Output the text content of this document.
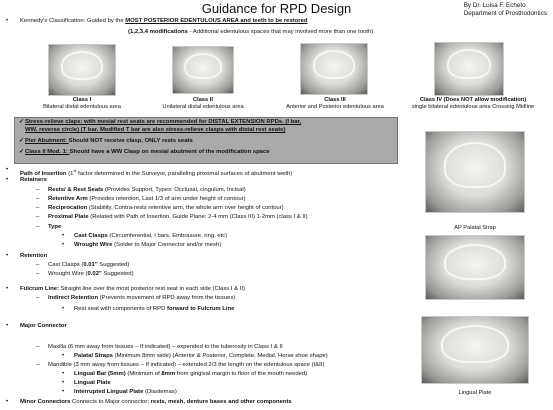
Guidance for RPD Design	By Dr. Luisa F. Echeto
Department of Prosthodontics
• Kennedy's Classification: Guided by the MOST POSTERIOR EDENTULOUS AREA and teeth to be restored
(1,2,3,4 modifications - Additional edentulous spaces that may involved more than one tooth)
Class I
Bilateral distal edentulous area
Class II
Unilateral distal edentulous area
Class III
Anterior and Posterior edentulous area
Class IV (Does NOT allow modification)
single bilateral edentulous area Crossing Midline
✓Stress-relieve claps: with mesial rest seats are recommended for DISTAL EXTENSION RPDs. (I bar,
WW, reverse circle) (T bar. Modified T bar are also stress-relieve clasps with distal rest seats)
✓Pier Abutment: Should NOT receive clasp, ONLY rests seats
✓Class II Mod. 1: Should have a WW Clasp on mesial abutment of the modification space
•
Path of Insertion (1st factor determined in the Surveyor, paralleling proximal surfaces of abutment teeth)
• Retainers
– Rests/ & Rest Seats (Provides Support, Types: Occlusal, cingulum, Incisal)
– Retentive Arm (Provides retention, Last 1/3 of arm under height of contour)
– Reciprocation (Stability, Contra-rests retentive arm, the whole arm over height of contour)
– Proximal Plate (Related with Path of Insertion. Guide Plane: 2-4 mm (Class III) 1-2mm (class I & II)
– Type
• Cast Clasps (Circumferential, I bars, Embrasure, ring, etc)
• Wrought Wire (Solder to Major Connector and/or mesh)
• Retention
– Cast Clasps (0.01" Suggested)
– Wrought Wire (0.02" Suggested)
• Fulcrum Line: Straight line over the most posterior rest seat in each side (Class I & II)
– Indirect Retention (Prevents movement of RPD away from the tissues)
• Rest seat with components of RPD forward to Fulcrum Line
• Major Connector
– Maxilla (6 mm away from tissues – If indicated) – expended to the tuberosity in Class I & II
• Palatal Straps (Minimum 8mm wide) (Anterior & Posterior, Complete, Medial, Horse shoe shape)
– Mandible (3 mm away from tissues – If indicated) – extended 2/3 the length on the edentulous space (I&II)
• Lingual Bar (5mm) (Minimum of 8mm from gingival margin to floor of the mouth needed)
• Lingual Plate
• Interrupted Lingual Plate (Diastemas)
• Minor Connectors Connects to Major connector; rests, mesh, denture bases and other components
AP Palatal Strap
Lingual Plate
